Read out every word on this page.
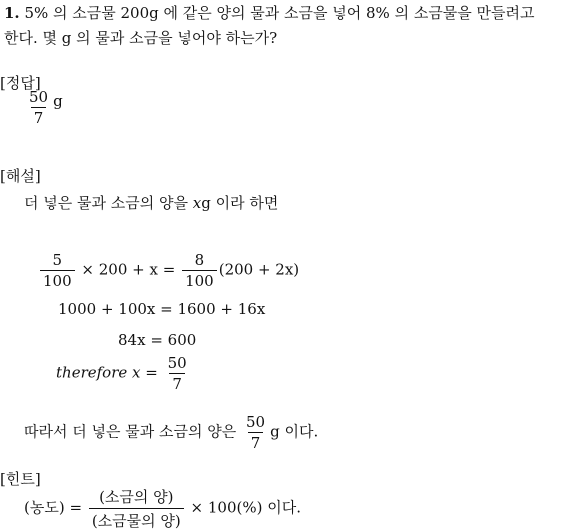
1. 5% 의 소금물 200g 에 같은 양의 물과 소금을 넣어 8% 의 소금물을 만들려고
한다. 몇 g 의 물과 소금을 넣어야 하는가?
[정답]
$\frac{50}{7}$ g
[해설]
더 넣은 물과 소금의 양을 xg 이라 하면
$\frac{5}{100} \times 200 + x = \frac{8}{100} (200 + 2x)$
1000 + 100x = 1600 + 16x
84x = 600
therefore $x = \frac{50}{7}$
따라서 더 넣은 물과 소금의 양은 $\frac{50}{7}$ g 이다.
[힌트]
(농도) = $\frac{\text{(소금의 양)}}{\text{(소금물의 양)}} \times 100(\%)$ 이다.
